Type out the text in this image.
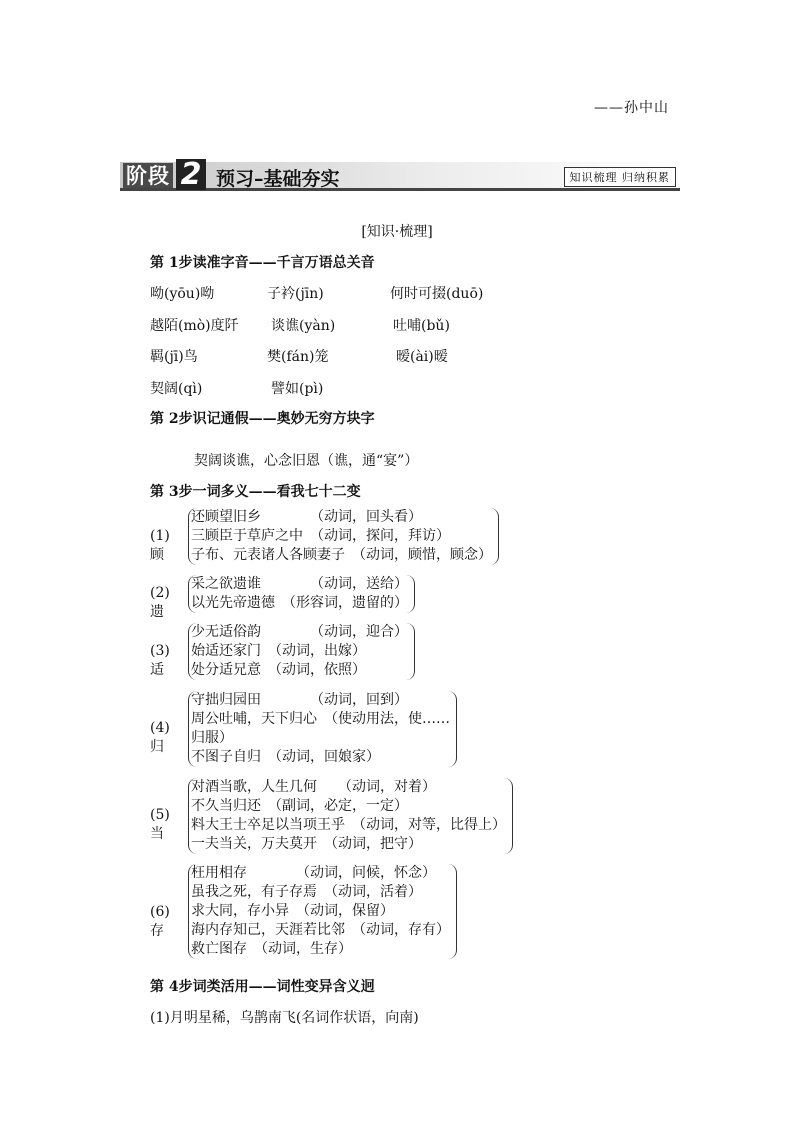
——孙中山
阶段 2 预习–基础夯实	知识梳理 归纳积累
[知识·梳理]
第 1步读准字音——千言万语总关音
呦(yōu)呦	子衿(jīn)	何时可掇(duō)
越陌(mò)度阡 谈谯(yàn)	吐哺(bǔ)
羁(jī)鸟	樊(fán)笼	暧(ài)暧
契阔(qì)	譬如(pì)
第 2步识记通假——奥妙无穷方块字
契阔谈谯，心念旧恩（谯，通“宴”）
第 3步一词多义——看我七十二变
(1)顾
还顾望旧乡　　　　（动词，回头看）
三顾臣于草庐之中　（动词，探问，拜访）
子布、元表诸人各顾妻子　（动词，顾惜，顾念）
(2)遗
采之欲遗谁　　　　（动词，送给）
以光先帝遗德　（形容词，遗留的）
(3)适
少无适俗韵　　　　（动词，迎合）
始适还家门　（动词，出嫁）
处分适兄意　（动词，依照）
(4)归
守拙归园田　　　　（动词，回到）
周公吐哺，天下归心　（使动用法，使……
归服）
不图子自归　（动词，回娘家）
(5)当
对酒当歌，人生几何　　（动词，对着）
不久当归还　（副词，必定，一定）
料大王士卒足以当项王乎　（动词，对等，比得上）
一夫当关，万夫莫开　（动词，把守）
(6)存
枉用相存　　　　（动词，问候，怀念）
虽我之死，有子存焉　（动词，活着）
求大同，存小异　（动词，保留）
海内存知己，天涯若比邻　（动词，存有）
救亡图存　（动词，生存）
第 4步词类活用——词性变异含义迥
(1)月明星稀，乌鹊南飞(名词作状语，向南)
